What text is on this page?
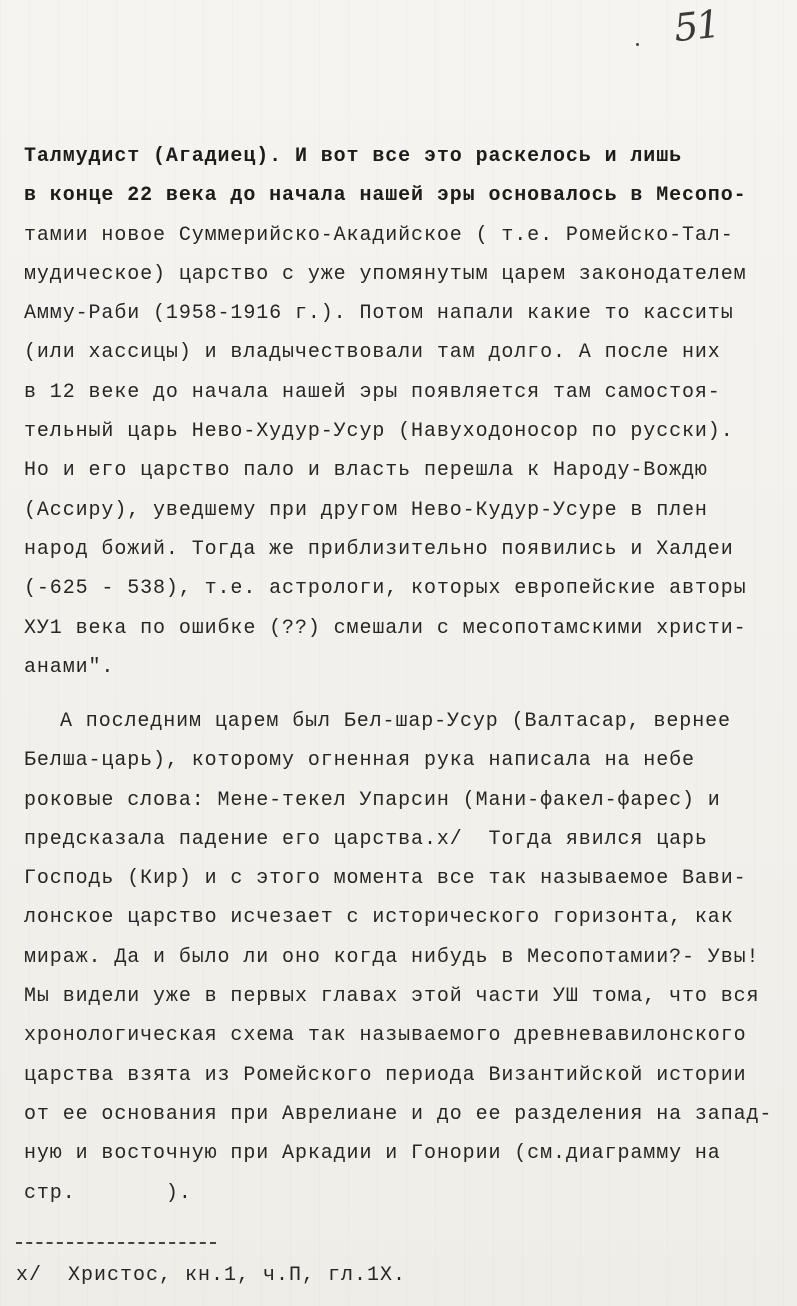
51
Талмудист (Агадиец). И вот все это раскелось и лишь
в конце 22 века до начала нашей эры основалось в Месопо-
тамии новое Суммерийско-Акадийское ( т.е. Ромейско-Тал-
мудическое) царство с уже упомянутым царем законодателем
Амму-Раби (1958-1916 г.). Потом напали какие то касситы
(или хассицы) и владычествовали там долго. А после них
в 12 веке до начала нашей эры появляется там самостоя-
тельный царь Нево-Худур-Усур (Навуходоносор по русски).
Но и его царство пало и власть перешла к Народу-Вождю
(Ассиру), уведшему при другом Нево-Кудур-Усуре в плен
народ божий. Тогда же приблизительно появились и Халдеи
(-625 - 538), т.е. астрологи, которых европейские авторы
ХУ1 века по ошибке (??) смешали с месопотамскими христи-
анами".
А последним царем был Бел-шар-Усур (Валтасар, вернее
Белша-царь), которому огненная рука написала на небе
роковые слова: Мене-текел Упарсин (Мани-факел-фарес) и
предсказала падение его царства.x/  Тогда явился царь
Господь (Кир) и с этого момента все так называемое Вави-
лонское царство исчезает с исторического горизонта, как
мираж. Да и было ли оно когда нибудь в Месопотамии?- Увы!
Мы видели уже в первых главах этой части УШ тома, что вся
хронологическая схема так называемого древневавилонского
царства взята из Ромейского периода Византийской истории
от ее основания при Аврелиане и до ее разделения на запад-
ную и восточную при Аркадии и Гонории (см.диаграмму на
стр.       ).
x/  Христос, кн.1, ч.П, гл.1Х.
